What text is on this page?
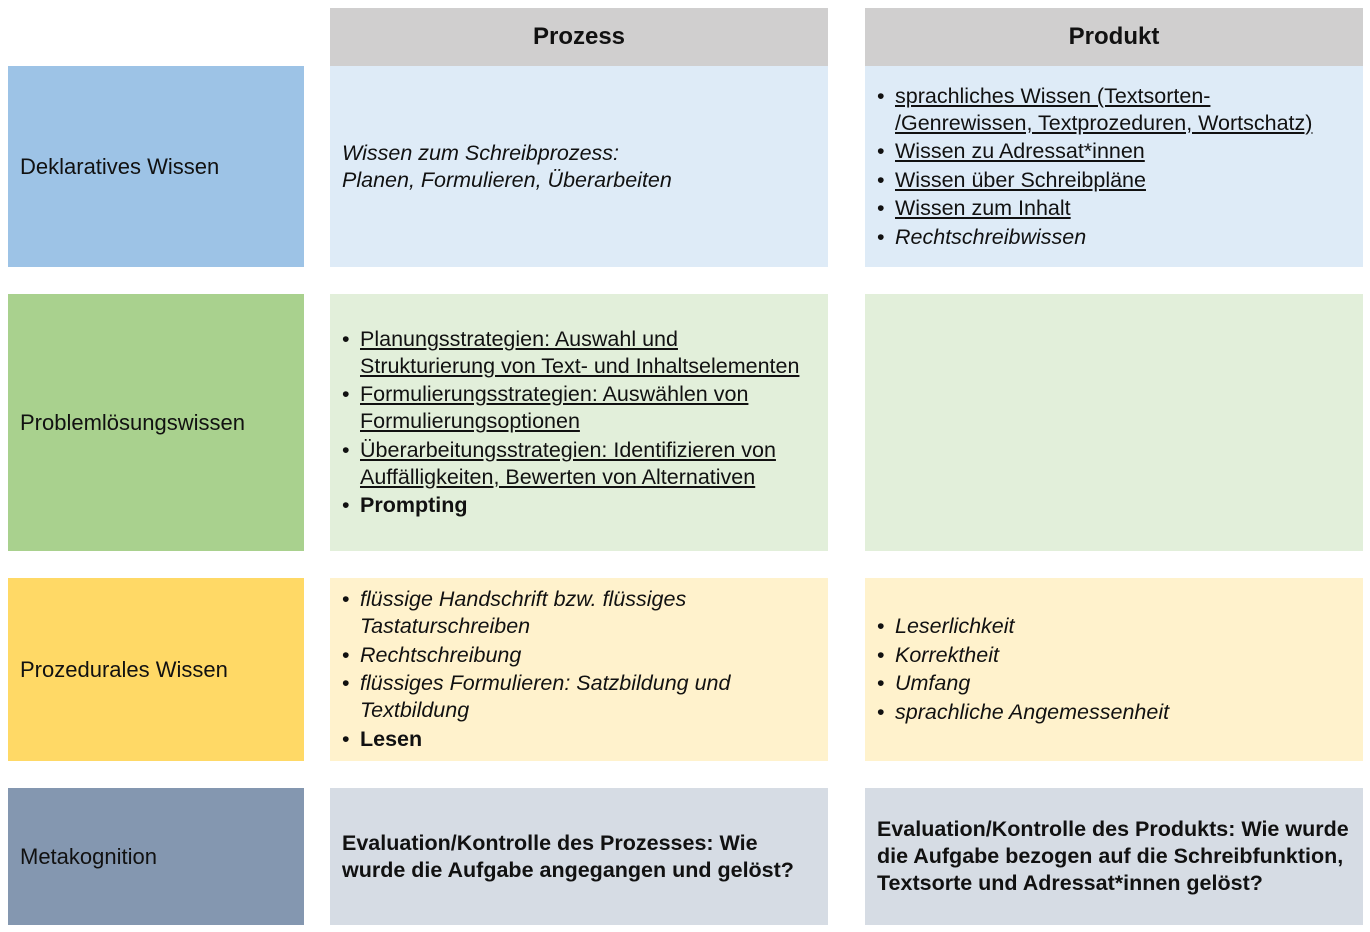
Prozess	Produkt
Deklaratives Wissen
Wissen zum Schreibprozess:
Planen, Formulieren, Überarbeiten
• sprachliches Wissen (Textsorten- /Genrewissen, Textprozeduren, Wortschatz)
• Wissen zu Adressat*innen
• Wissen über Schreibpläne
• Wissen zum Inhalt
• Rechtschreibwissen
Problemlösungswissen
• Planungsstrategien: Auswahl und Strukturierung von Text- und Inhaltselementen
• Formulierungsstrategien: Auswählen von Formulierungsoptionen
• Überarbeitungsstrategien: Identifizieren von Auffälligkeiten, Bewerten von Alternativen
• Prompting
Prozedurales Wissen
• flüssige Handschrift bzw. flüssiges Tastaturschreiben
• Rechtschreibung
• flüssiges Formulieren: Satzbildung und Textbildung
• Lesen
• Leserlichkeit
• Korrektheit
• Umfang
• sprachliche Angemessenheit
Metakognition
Evaluation/Kontrolle des Prozesses: Wie wurde die Aufgabe angegangen und gelöst?
Evaluation/Kontrolle des Produkts: Wie wurde die Aufgabe bezogen auf die Schreibfunktion, Textsorte und Adressat*innen gelöst?
